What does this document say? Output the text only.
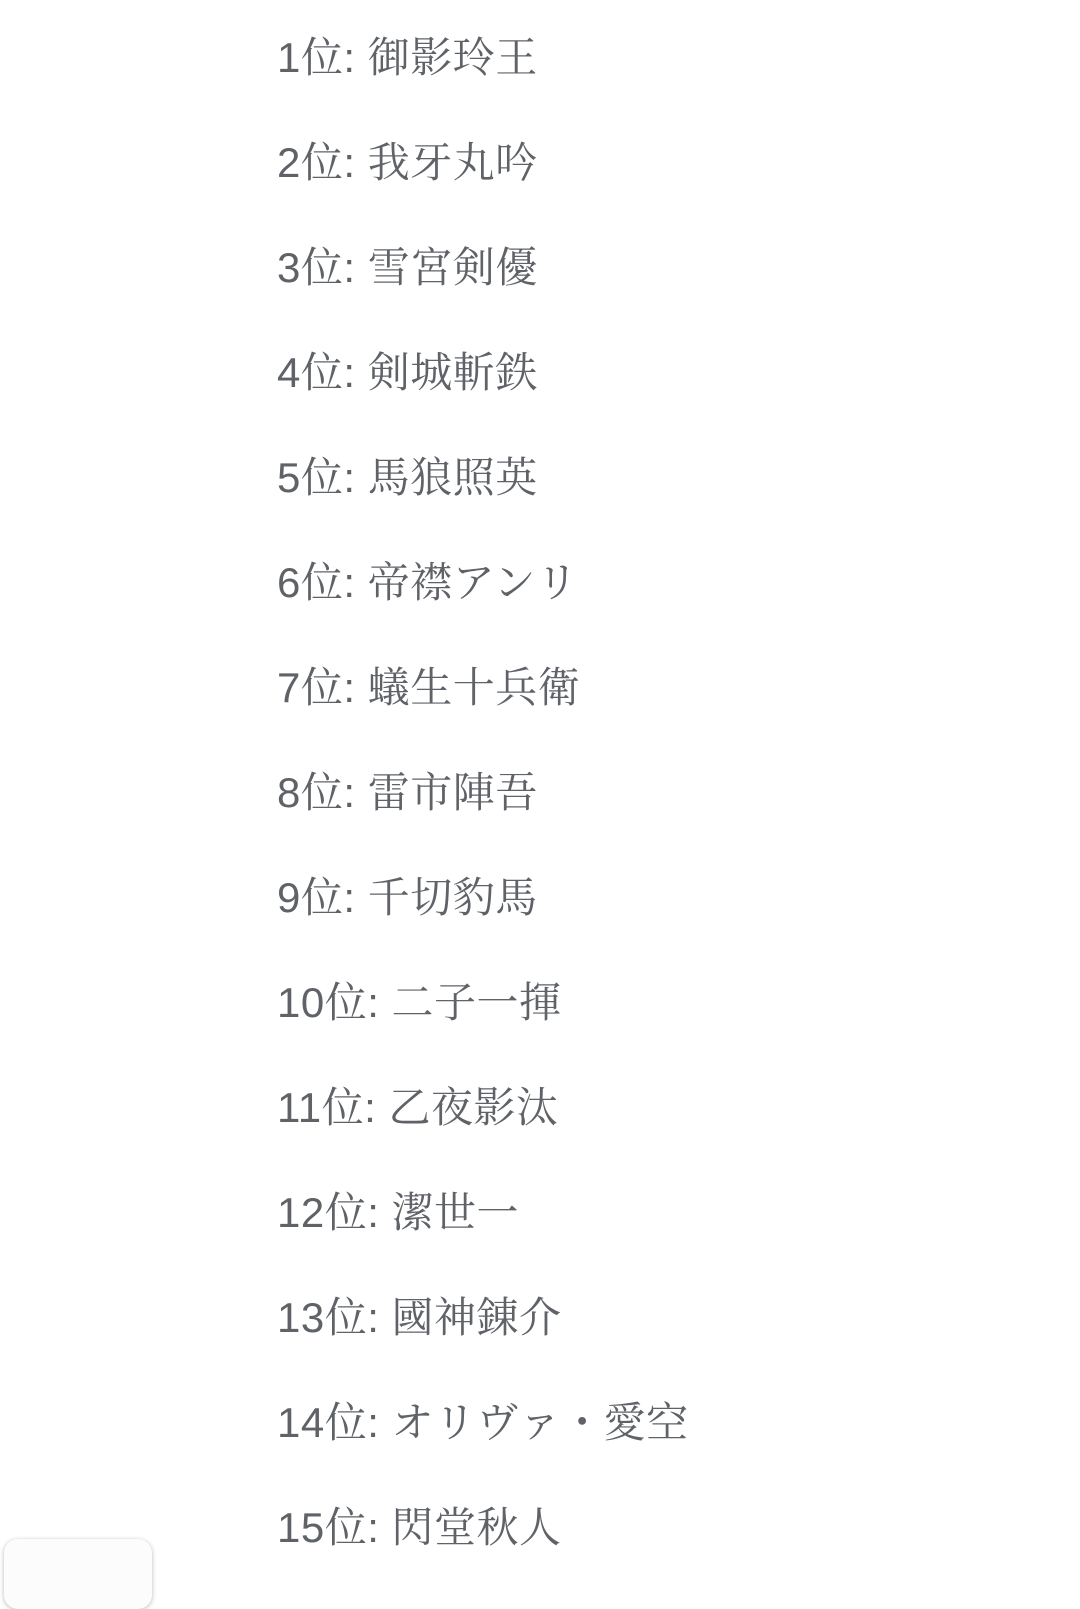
1位: 御影玲王
2位: 我牙丸吟
3位: 雪宮剣優
4位: 剣城斬鉄
5位: 馬狼照英
6位: 帝襟アンリ
7位: 蟻生十兵衛
8位: 雷市陣吾
9位: 千切豹馬
10位: 二子一揮
11位: 乙夜影汰
12位: 潔世一
13位: 國神錬介
14位: オリヴァ・愛空
15位: 閃堂秋人
